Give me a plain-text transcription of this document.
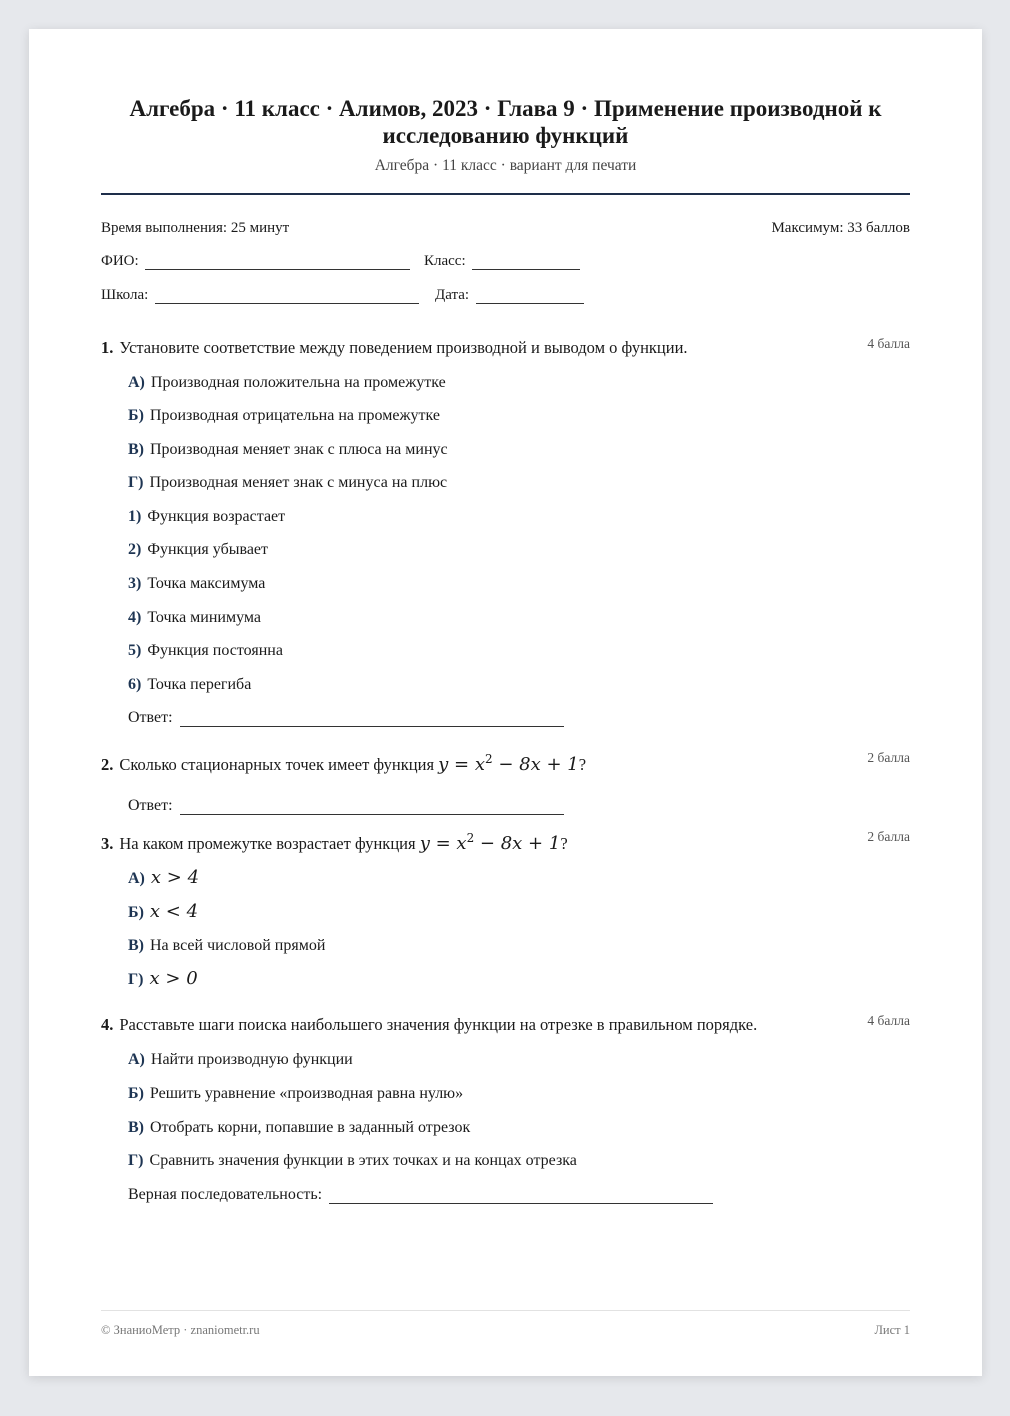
Алгебра · 11 класс · Алимов, 2023 · Глава 9 · Применение производной к исследованию функций
Алгебра · 11 класс · вариант для печати
Время выполнения: 25 минут	Максимум: 33 баллов
ФИО:	Класс:
Школа:	Дата:
1. Установите соответствие между поведением производной и выводом о функции.	4 балла
А) Производная положительна на промежутке
Б) Производная отрицательна на промежутке
В) Производная меняет знак с плюса на минус
Г) Производная меняет знак с минуса на плюс
1) Функция возрастает
2) Функция убывает
3) Точка максимума
4) Точка минимума
5) Функция постоянна
6) Точка перегиба
Ответ:
2. Сколько стационарных точек имеет функция $y = x^2 - 8x + 1$?	2 балла
Ответ:
3. На каком промежутке возрастает функция $y = x^2 - 8x + 1$?	2 балла
А) x > 4
Б) x < 4
В) На всей числовой прямой
Г) x > 0
4. Расставьте шаги поиска наибольшего значения функции на отрезке в правильном порядке.	4 балла
А) Найти производную функции
Б) Решить уравнение «производная равна нулю»
В) Отобрать корни, попавшие в заданный отрезок
Г) Сравнить значения функции в этих точках и на концах отрезка
Верная последовательность:
© ЗнаниоМетр · znaniometr.ru	Лист 1
